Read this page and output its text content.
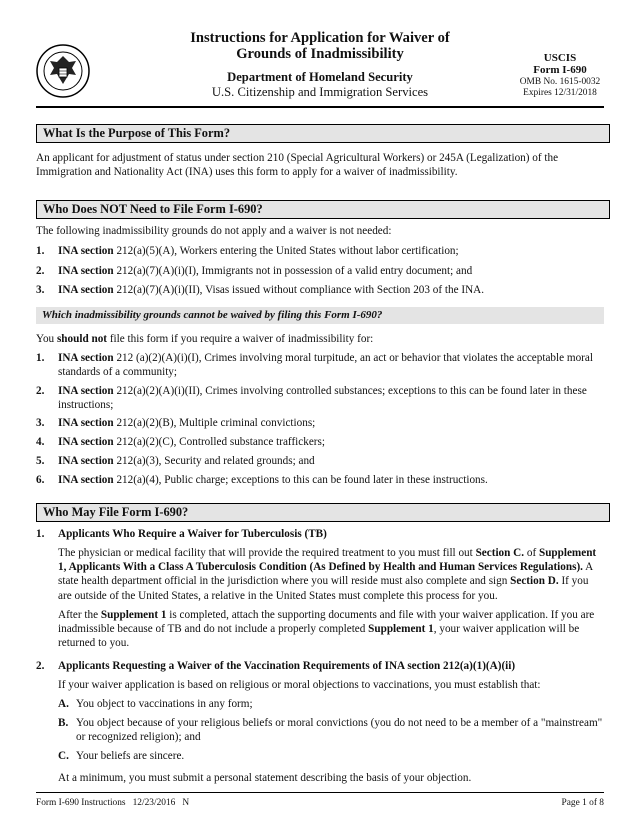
Instructions for Application for Waiver of
Grounds of Inadmissibility
Department of Homeland Security
U.S. Citizenship and Immigration Services
USCIS
Form I-690
OMB No. 1615-0032
Expires 12/31/2018
What Is the Purpose of This Form?
An applicant for adjustment of status under section 210 (Special Agricultural Workers) or 245A (Legalization) of the Immigration and Nationality Act (INA) uses this form to apply for a waiver of inadmissibility.
Who Does NOT Need to File Form I-690?
The following inadmissibility grounds do not apply and a waiver is not needed:
1. INA section 212(a)(5)(A), Workers entering the United States without labor certification;
2. INA section 212(a)(7)(A)(i)(I), Immigrants not in possession of a valid entry document; and
3. INA section 212(a)(7)(A)(i)(II), Visas issued without compliance with Section 203 of the INA.
Which inadmissibility grounds cannot be waived by filing this Form I-690?
You should not file this form if you require a waiver of inadmissibility for:
1. INA section 212 (a)(2)(A)(i)(I), Crimes involving moral turpitude, an act or behavior that violates the acceptable moral standards of a community;
2. INA section 212(a)(2)(A)(i)(II), Crimes involving controlled substances; exceptions to this can be found later in these instructions;
3. INA section 212(a)(2)(B), Multiple criminal convictions;
4. INA section 212(a)(2)(C), Controlled substance traffickers;
5. INA section 212(a)(3), Security and related grounds; and
6. INA section 212(a)(4), Public charge; exceptions to this can be found later in these instructions.
Who May File Form I-690?
1. Applicants Who Require a Waiver for Tuberculosis (TB)
The physician or medical facility that will provide the required treatment to you must fill out Section C. of Supplement 1, Applicants With a Class A Tuberculosis Condition (As Defined by Health and Human Services Regulations). A state health department official in the jurisdiction where you will reside must also complete and sign Section D. If you are outside of the United States, a relative in the United States must complete this process for you.
After the Supplement 1 is completed, attach the supporting documents and file with your waiver application. If you are inadmissible because of TB and do not include a properly completed Supplement 1, your waiver application will be returned to you.
2. Applicants Requesting a Waiver of the Vaccination Requirements of INA section 212(a)(1)(A)(ii)
If your waiver application is based on religious or moral objections to vaccinations, you must establish that:
A. You object to vaccinations in any form;
B. You object because of your religious beliefs or moral convictions (you do not need to be a member of a "mainstream" or recognized religion); and
C. Your beliefs are sincere.
At a minimum, you must submit a personal statement describing the basis of your objection.
Form I-690 Instructions   12/23/2016   N	Page 1 of 8
